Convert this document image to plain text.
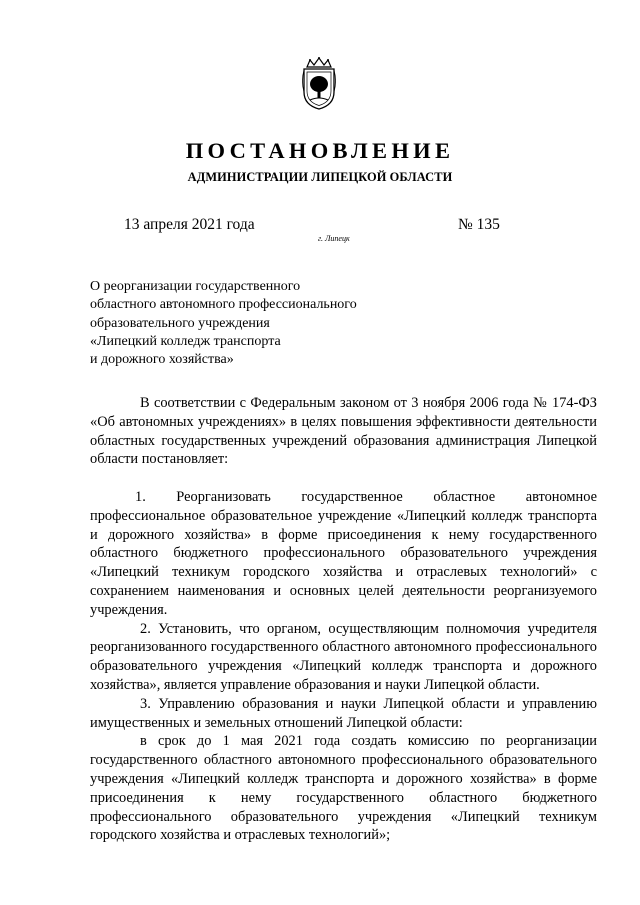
ПОСТАНОВЛЕНИЕ
АДМИНИСТРАЦИИ ЛИПЕЦКОЙ ОБЛАСТИ
13 апреля 2021 года
г. Липецк
№ 135
О реорганизации государственного
областного автономного профессионального
образовательного учреждения
«Липецкий колледж транспорта
и дорожного хозяйства»

В соответствии с Федеральным законом от 3 ноября 2006 года № 174-ФЗ «Об автономных учреждениях» в целях повышения эффективности деятельности областных государственных учреждений образования администрация Липецкой области постановляет:

1. Реорганизовать государственное областное автономное профессиональное образовательное учреждение «Липецкий колледж транспорта и дорожного хозяйства» в форме присоединения к нему государственного областного бюджетного профессионального образовательного учреждения «Липецкий техникум городского хозяйства и отраслевых технологий» с сохранением наименования и основных целей деятельности реорганизуемого учреждения.

2. Установить, что органом, осуществляющим полномочия учредителя реорганизованного государственного областного автономного профессионального образовательного учреждения «Липецкий колледж транспорта и дорожного хозяйства», является управление образования и науки Липецкой области.

3. Управлению образования и науки Липецкой области и управлению имущественных и земельных отношений Липецкой области:

в срок до 1 мая 2021 года создать комиссию по реорганизации государственного областного автономного профессионального образовательного учреждения «Липецкий колледж транспорта и дорожного хозяйства» в форме присоединения к нему государственного областного бюджетного профессионального образовательного учреждения «Липецкий техникум городского хозяйства и отраслевых технологий»;
